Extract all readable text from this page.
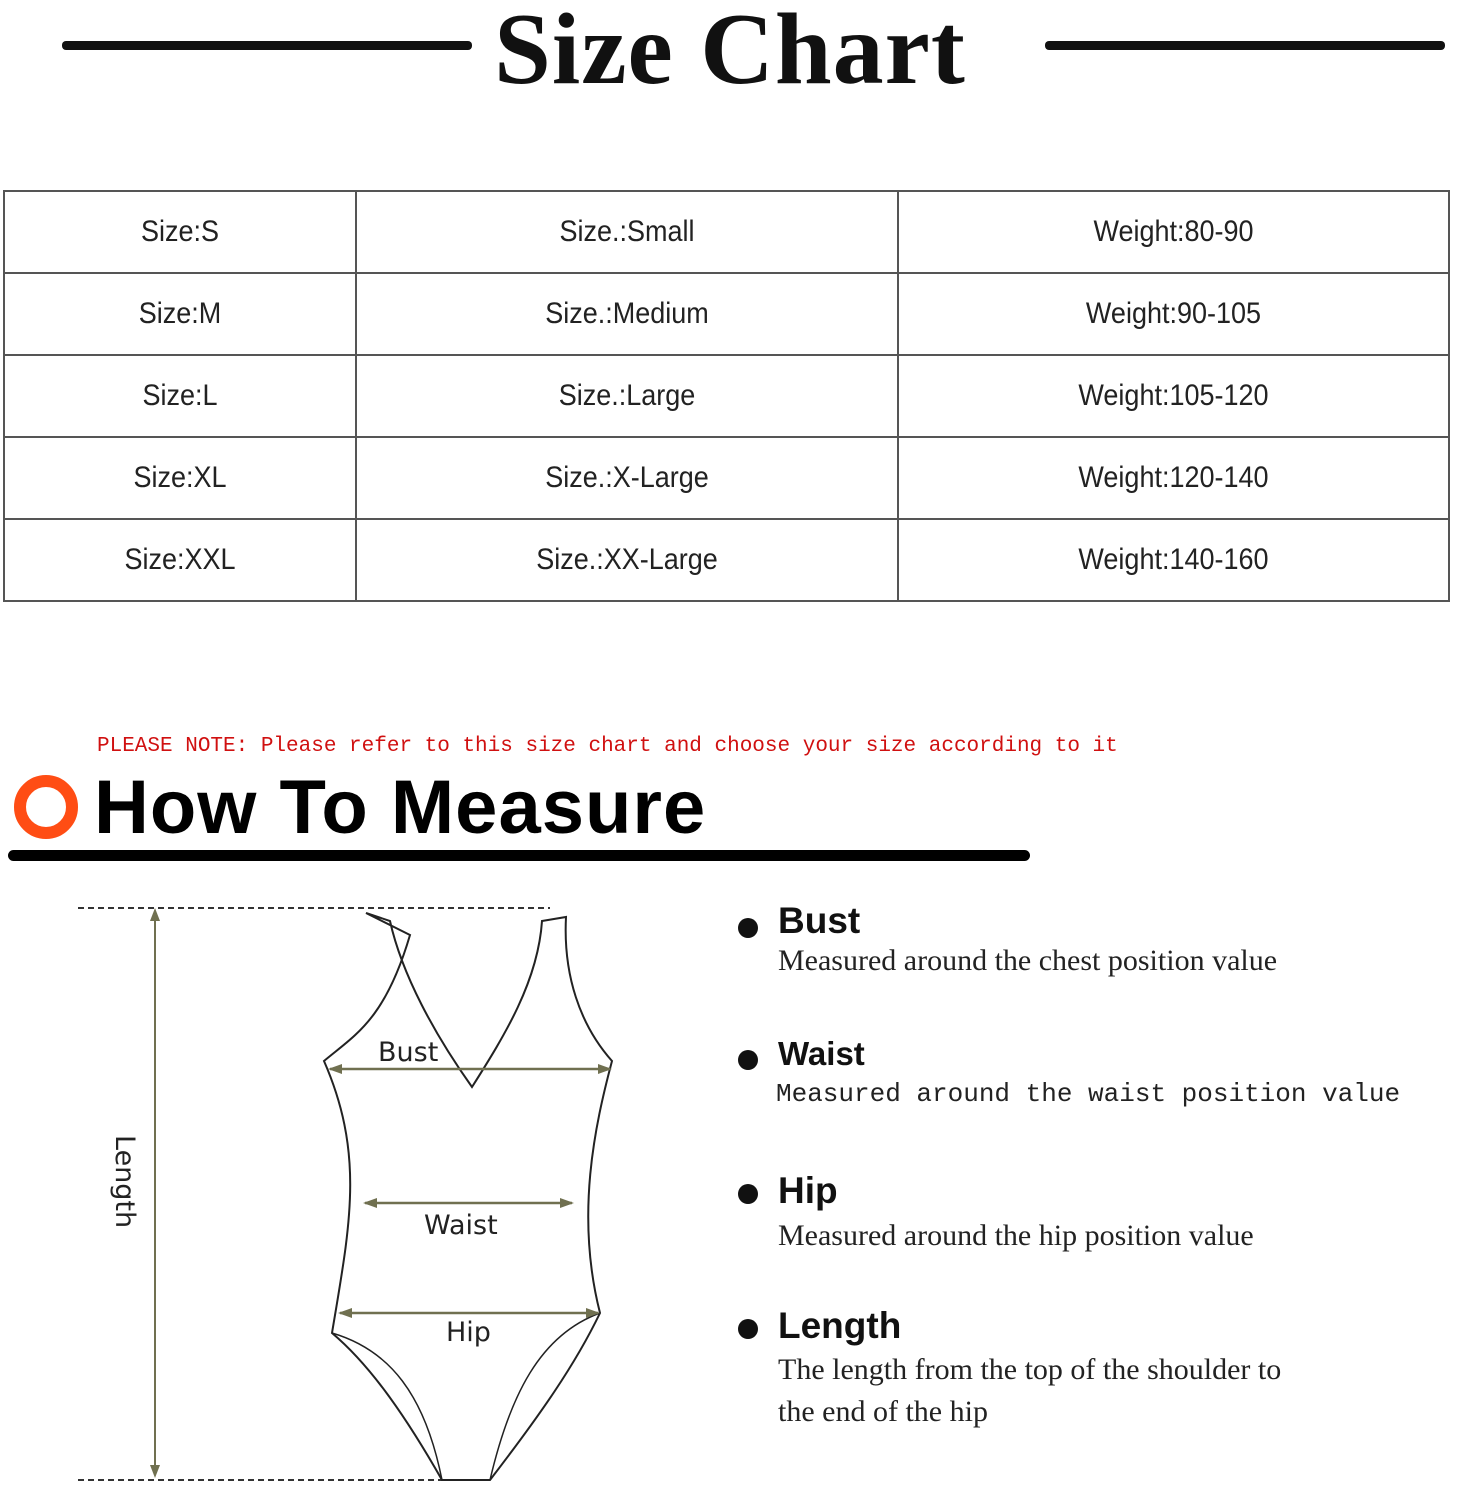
Size Chart
Size:S	Size.:Small	Weight:80-90
Size:M	Size.:Medium	Weight:90-105
Size:L	Size.:Large	Weight:105-120
Size:XL	Size.:X-Large	Weight:120-140
Size:XXL	Size.:XX-Large	Weight:140-160
PLEASE NOTE: Please refer to this size chart and choose your size according to it
How To Measure
Bust
Waist
Hip
Length
Bust
Measured around the chest position value
Waist
Measured around the waist position value
Hip
Measured around the hip position value
Length
The length from the top of the shoulder to
the end of the hip
